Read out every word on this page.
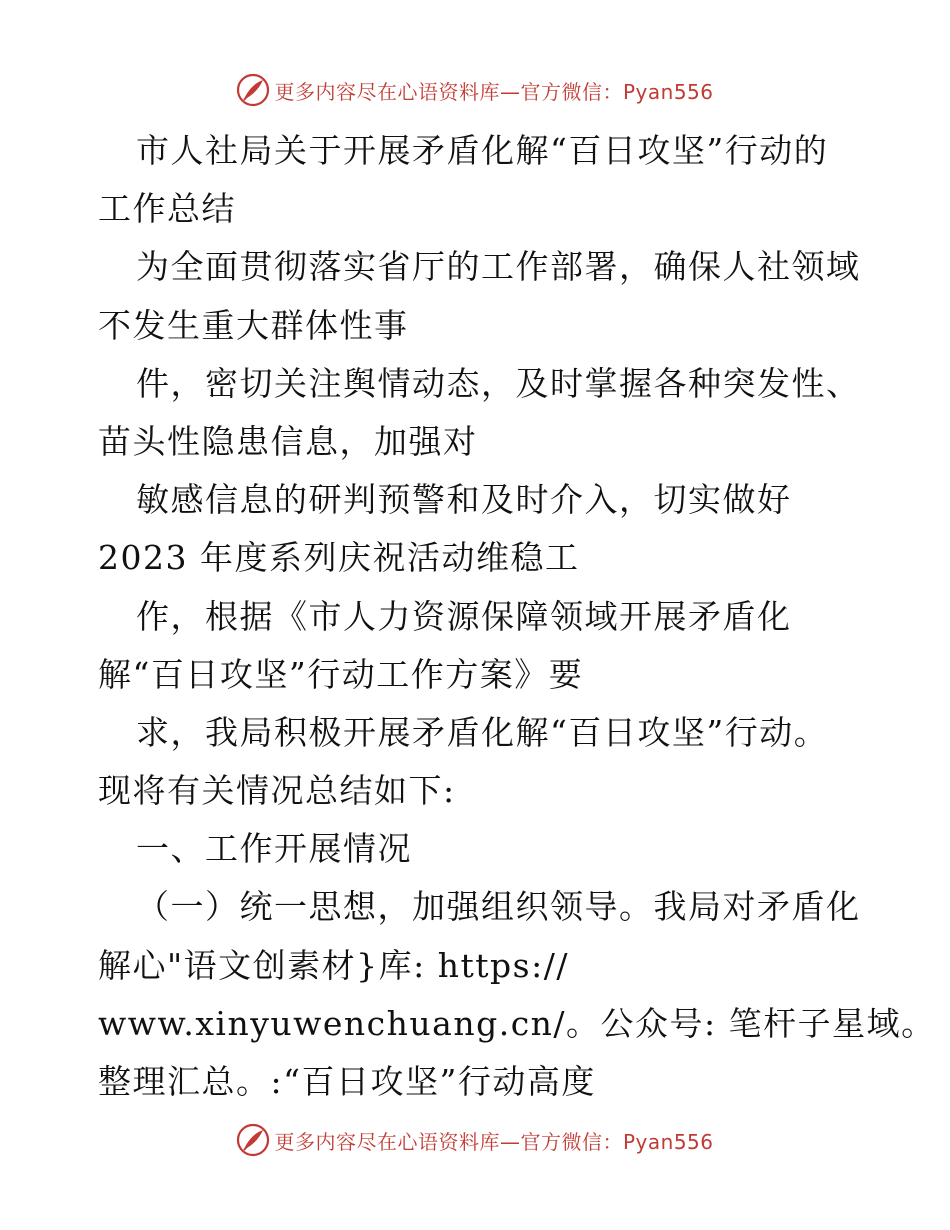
更多内容尽在心语资料库—官方微信：Pyan556
市人社局关于开展矛盾化解“百日攻坚”行动的
工作总结
为全面贯彻落实省厅的工作部署，确保人社领域
不发生重大群体性事
件，密切关注舆情动态，及时掌握各种突发性、
苗头性隐患信息，加强对
敏感信息的研判预警和及时介入，切实做好
2023 年度系列庆祝活动维稳工
作，根据《市人力资源保障领域开展矛盾化
解“百日攻坚”行动工作方案》要
求，我局积极开展矛盾化解“百日攻坚”行动。
现将有关情况总结如下:
一、工作开展情况
（一）统一思想，加强组织领导。我局对矛盾化
解心"语文创素材}库: https://
www.xinyuwenchuang.cn/。公众号: 笔杆子星域。
整理汇总。:“百日攻坚”行动高度
更多内容尽在心语资料库—官方微信：Pyan556
